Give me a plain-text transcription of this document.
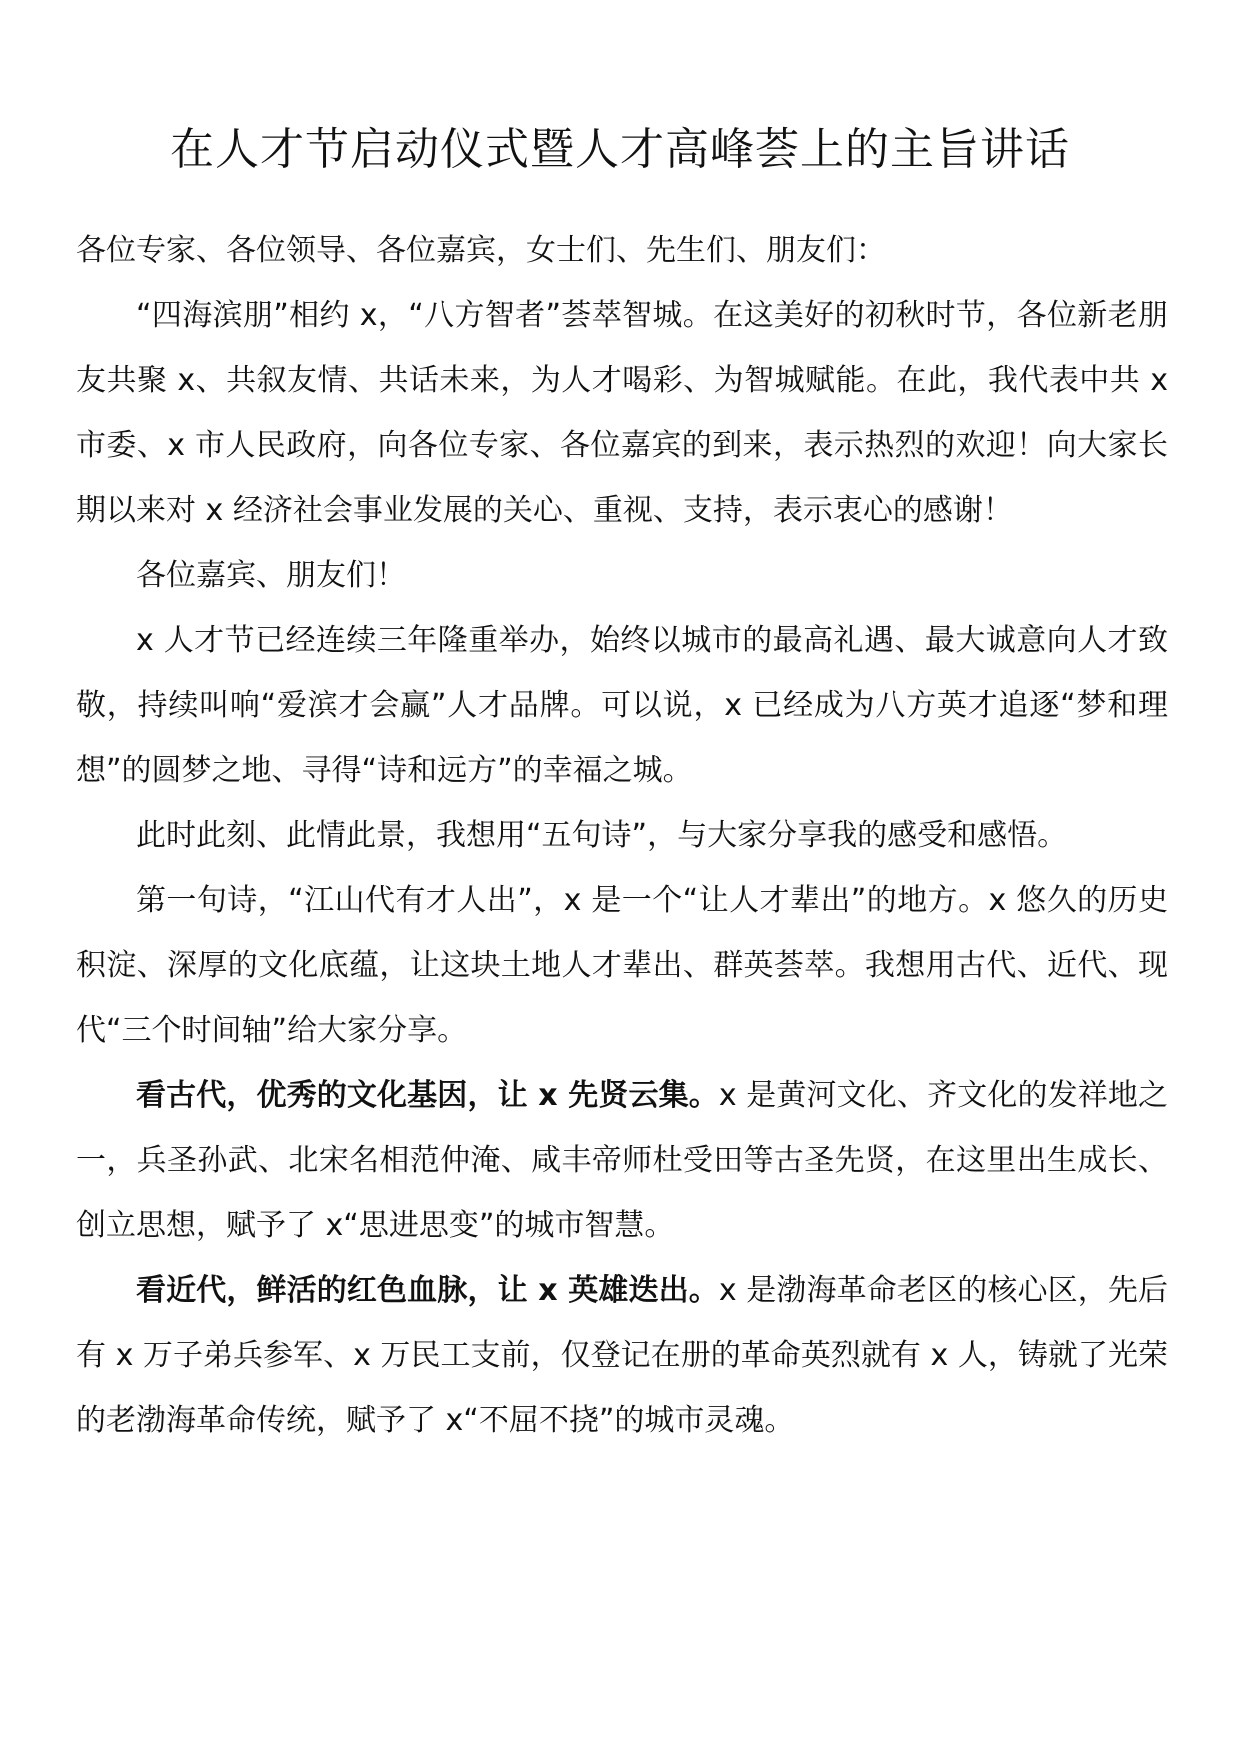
在人才节启动仪式暨人才高峰荟上的主旨讲话

各位专家、各位领导、各位嘉宾，女士们、先生们、朋友们：

“四海滨朋”相约 x，“八方智者”荟萃智城。在这美好的初秋时节，各位新老朋友共聚 x、共叙友情、共话未来，为人才喝彩、为智城赋能。在此，我代表中共 x 市委、x 市人民政府，向各位专家、各位嘉宾的到来，表示热烈的欢迎！向大家长期以来对 x 经济社会事业发展的关心、重视、支持，表示衷心的感谢！

各位嘉宾、朋友们！

x 人才节已经连续三年隆重举办，始终以城市的最高礼遇、最大诚意向人才致敬，持续叫响“爱滨才会赢”人才品牌。可以说，x 已经成为八方英才追逐“梦和理想”的圆梦之地、寻得“诗和远方”的幸福之城。

此时此刻、此情此景，我想用“五句诗”，与大家分享我的感受和感悟。

第一句诗，“江山代有才人出”，x 是一个“让人才辈出”的地方。x 悠久的历史积淀、深厚的文化底蕴，让这块土地人才辈出、群英荟萃。我想用古代、近代、现代“三个时间轴”给大家分享。

看古代，优秀的文化基因，让 x 先贤云集。x 是黄河文化、齐文化的发祥地之一，兵圣孙武、北宋名相范仲淹、咸丰帝师杜受田等古圣先贤，在这里出生成长、创立思想，赋予了 x“思进思变”的城市智慧。

看近代，鲜活的红色血脉，让 x 英雄迭出。x 是渤海革命老区的核心区，先后有 x 万子弟兵参军、x 万民工支前，仅登记在册的革命英烈就有 x 人，铸就了光荣的老渤海革命传统，赋予了 x“不屈不挠”的城市灵魂。
